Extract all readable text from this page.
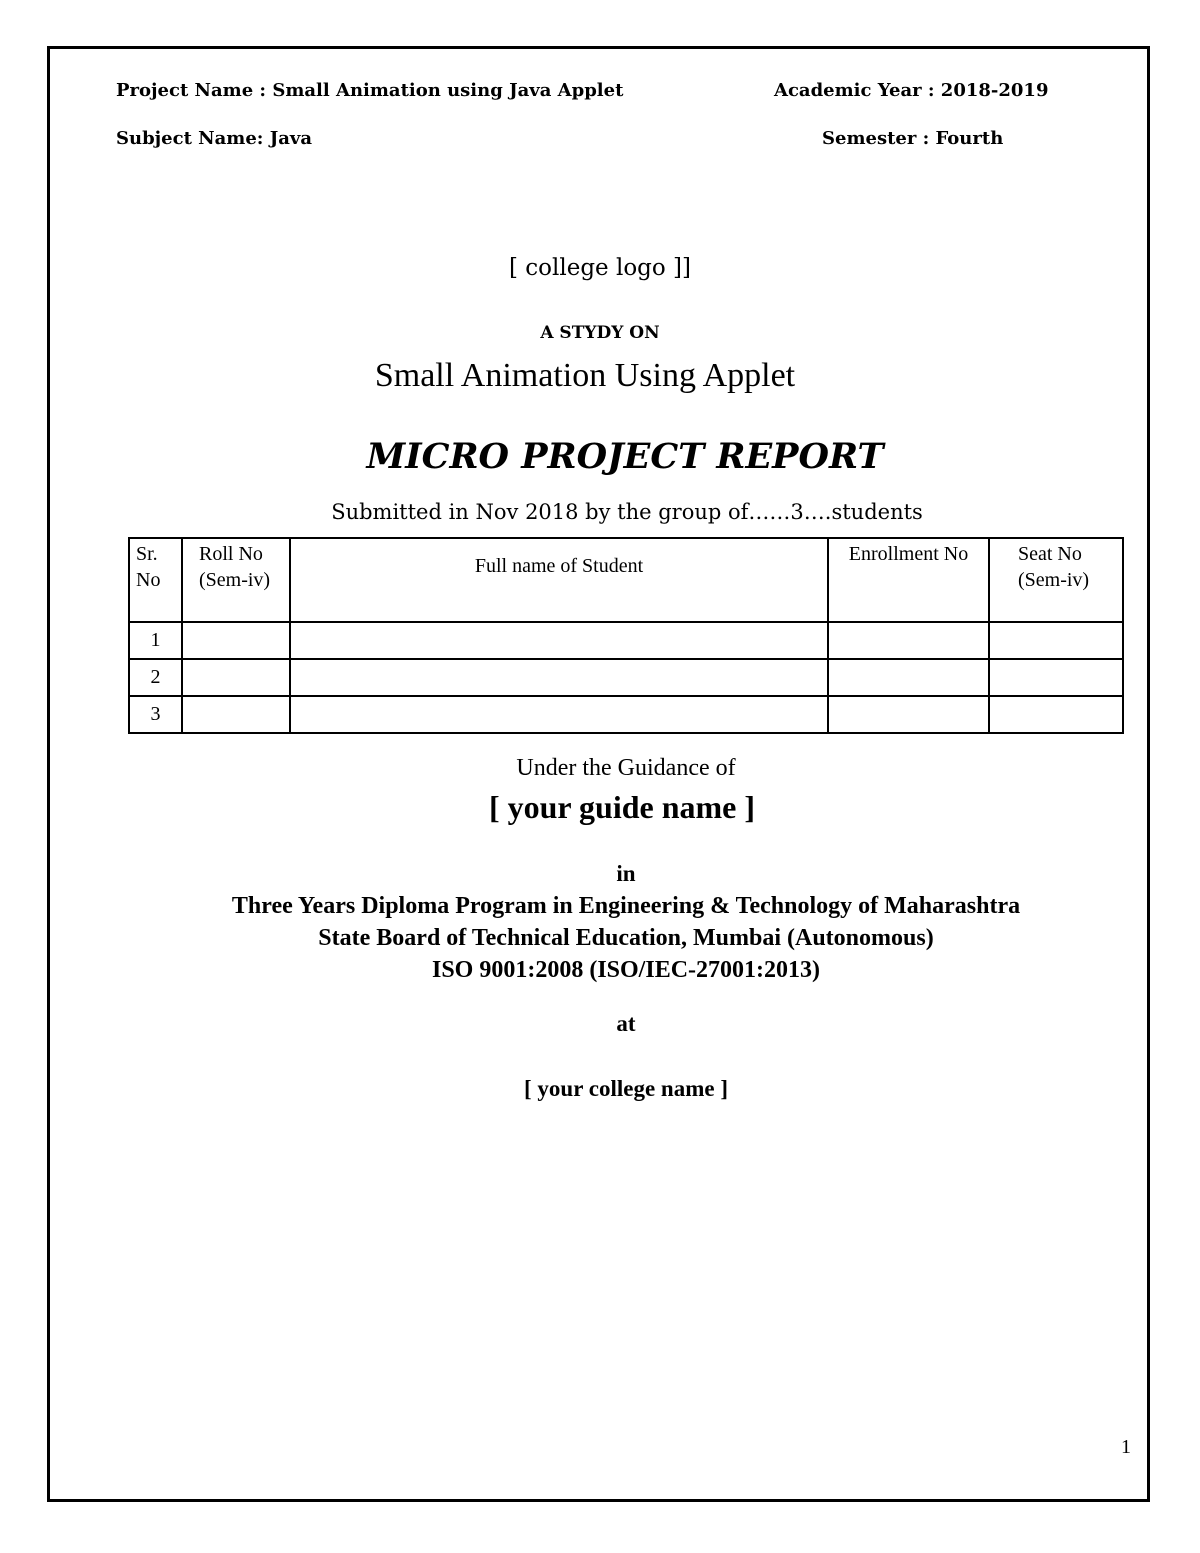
Project Name : Small Animation using Java Applet	Academic Year : 2018-2019
Subject Name: Java	Semester : Fourth
[ college logo ]]
A STYDY ON
Small Animation Using Applet
MICRO PROJECT REPORT
Submitted in Nov 2018 by the group of……3….students
Sr. No	Roll No (Sem-iv)	Full name of Student	Enrollment No	Seat No (Sem-iv)
1				
2				
3				
Under the Guidance of
[ your guide name ]
in
Three Years Diploma Program in Engineering & Technology of Maharashtra
State Board of Technical Education, Mumbai (Autonomous)
ISO 9001:2008 (ISO/IEC-27001:2013)
at
[ your college name ]
1
